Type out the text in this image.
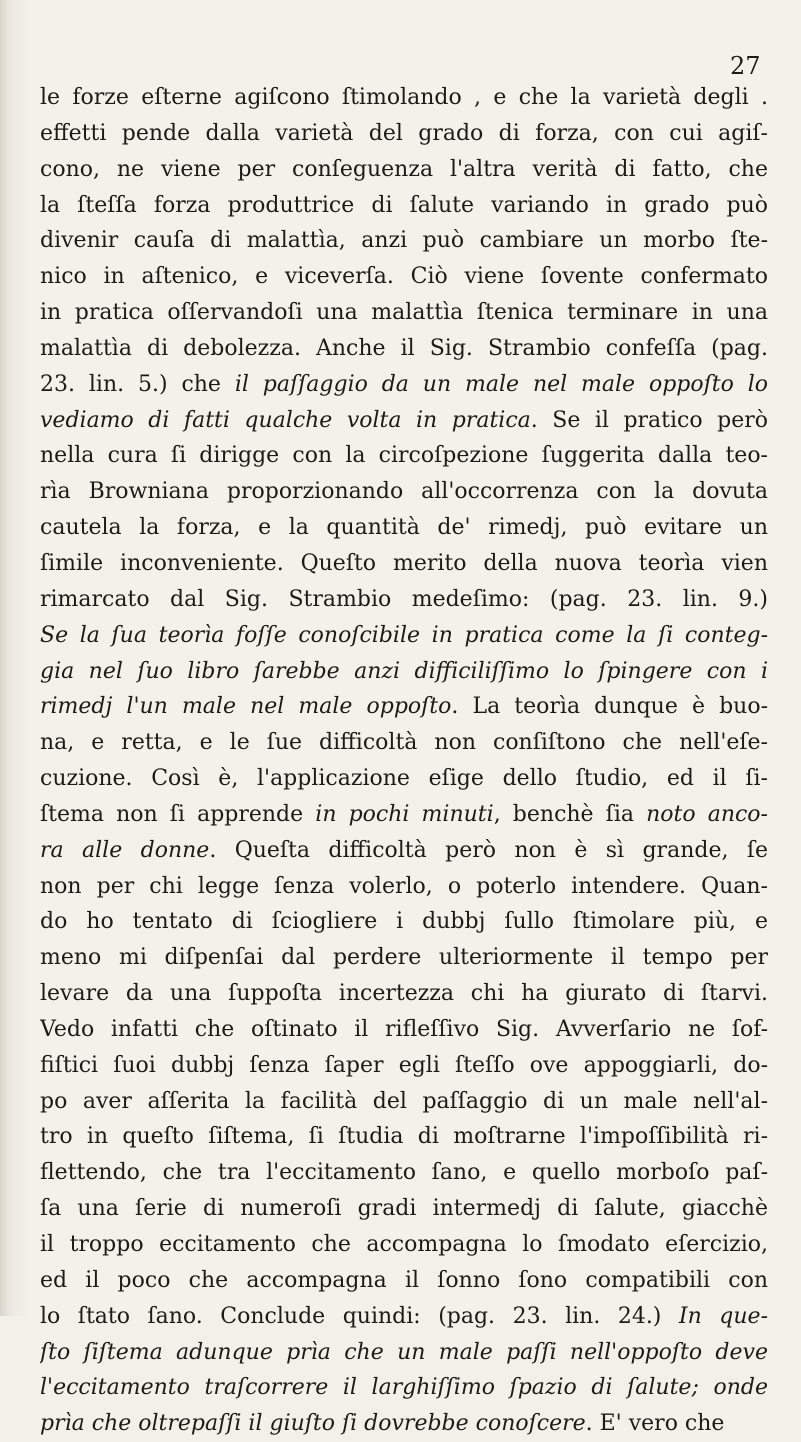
27
le forze eſterne agiſcono ſtimolando , e che la varietà degli .
effetti pende dalla varietà del grado di forza, con cui agiſ-
cono, ne viene per conſeguenza l'altra verità di fatto, che
la ſteſſa forza produttrice di ſalute variando in grado può
divenir cauſa di malattìa, anzi può cambiare un morbo ſte-
nico in aſtenico, e viceverſa. Ciò viene ſovente confermato
in pratica oſſervandoſi una malattìa ſtenica terminare in una
malattìa di debolezza. Anche il Sig. Strambio confeſſa (pag.
23. lin. 5.) che il paſſaggio da un male nel male oppoſto lo
vediamo di fatti qualche volta in pratica. Se il pratico però
nella cura ſi dirigge con la circoſpezione ſuggerita dalla teo-
rìa Browniana proporzionando all'occorrenza con la dovuta
cautela la forza, e la quantità de' rimedj, può evitare un
ſimile inconveniente. Queſto merito della nuova teorìa vien
rimarcato dal Sig. Strambio medeſimo: (pag. 23. lin. 9.)
Se la ſua teorìa foſſe conoſcibile in pratica come la ſi conteg-
gia nel ſuo libro ſarebbe anzi difficiliſſimo lo ſpingere con i
rimedj l'un male nel male oppoſto. La teorìa dunque è buo-
na, e retta, e le ſue difficoltà non conſiſtono che nell'eſe-
cuzione. Così è, l'applicazione eſige dello ſtudio, ed il ſi-
ſtema non ſi apprende in pochi minuti, benchè ſia noto anco-
ra alle donne. Queſta difficoltà però non è sì grande, ſe
non per chi legge ſenza volerlo, o poterlo intendere. Quan-
do ho tentato di ſciogliere i dubbj ſullo ſtimolare più, e
meno mi diſpenſai dal perdere ulteriormente il tempo per
levare da una ſuppoſta incertezza chi ha giurato di ſtarvi.
Vedo infatti che oſtinato il rifleſſivo Sig. Avverſario ne ſof-
fiſtici ſuoi dubbj ſenza ſaper egli ſteſſo ove appoggiarli, do-
po aver aſſerita la facilità del paſſaggio di un male nell'al-
tro in queſto ſiſtema, ſi ſtudia di moſtrarne l'impoſſibilità ri-
flettendo, che tra l'eccitamento ſano, e quello morboſo paſ-
ſa una ſerie di numeroſi gradi intermedj di ſalute, giacchè
il troppo eccitamento che accompagna lo ſmodato eſercizio,
ed il poco che accompagna il ſonno ſono compatibili con
lo ſtato ſano. Conclude quindi: (pag. 23. lin. 24.) In que-
ſto ſiſtema adunque prìa che un male paſſi nell'oppoſto deve
l'eccitamento traſcorrere il larghiſſimo ſpazio di ſalute; onde
prìa che oltrepaſſi il giuſto ſi dovrebbe conoſcere. E' vero che
